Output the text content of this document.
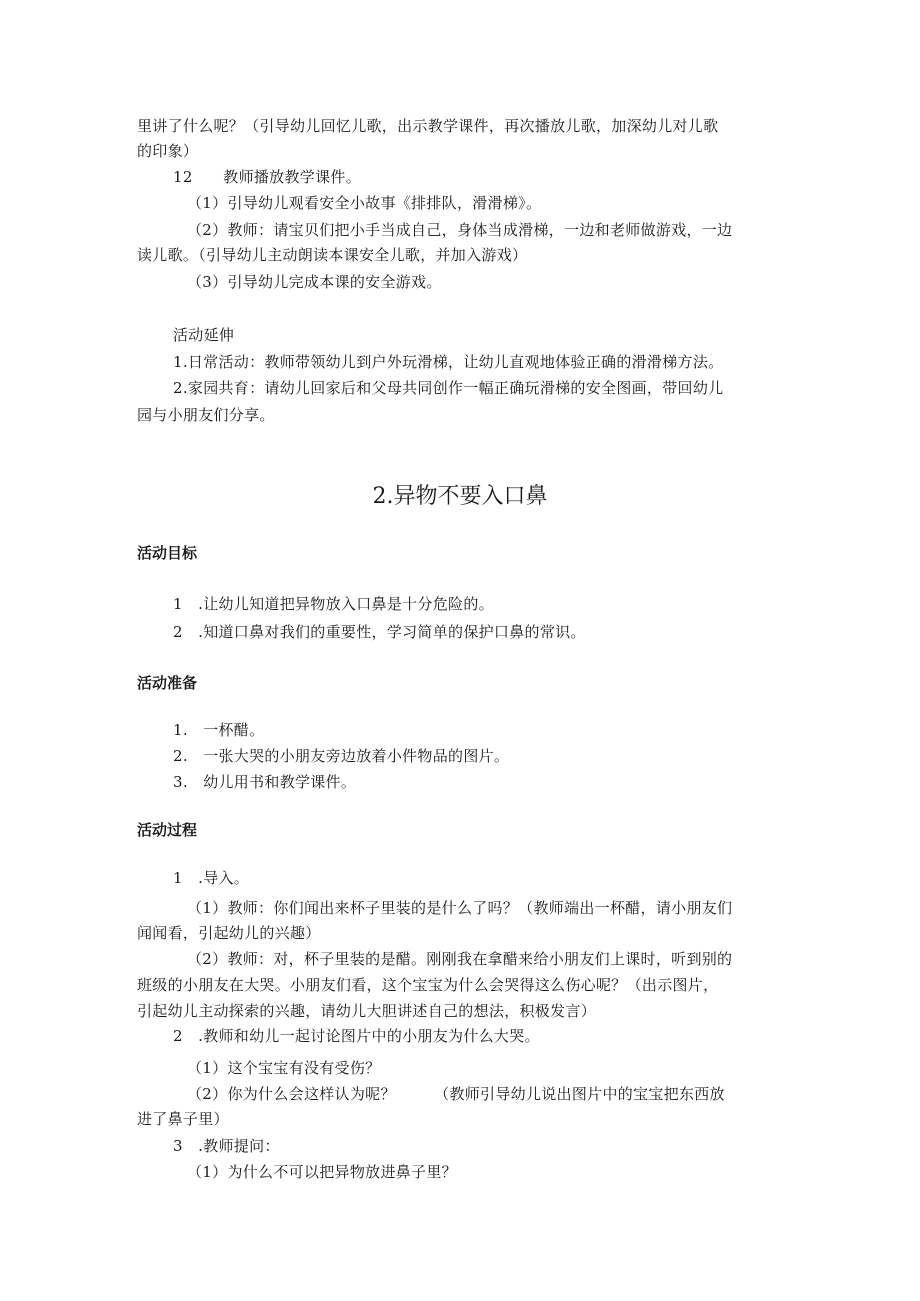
里讲了什么呢？（引导幼儿回忆儿歌，出示教学课件，再次播放儿歌，加深幼儿对儿歌
的印象）
12　　教师播放教学课件。
（1）引导幼儿观看安全小故事《排排队，滑滑梯》。
（2）教师：请宝贝们把小手当成自己，身体当成滑梯，一边和老师做游戏，一边
读儿歌。（引导幼儿主动朗读本课安全儿歌，并加入游戏）
（3）引导幼儿完成本课的安全游戏。
活动延伸
1.日常活动：教师带领幼儿到户外玩滑梯，让幼儿直观地体验正确的滑滑梯方法。
2.家园共育：请幼儿回家后和父母共同创作一幅正确玩滑梯的安全图画，带回幼儿
园与小朋友们分享。
2.异物不要入口鼻
活动目标
1　.让幼儿知道把异物放入口鼻是十分危险的。
2　.知道口鼻对我们的重要性，学习简单的保护口鼻的常识。
活动准备
1.　一杯醋。
2.　一张大哭的小朋友旁边放着小件物品的图片。
3.　幼儿用书和教学课件。
活动过程
1　.导入。
（1）教师：你们闻出来杯子里装的是什么了吗？（教师端出一杯醋，请小朋友们
闻闻看，引起幼儿的兴趣）
（2）教师：对，杯子里装的是醋。刚刚我在拿醋来给小朋友们上课时，听到别的
班级的小朋友在大哭。小朋友们看，这个宝宝为什么会哭得这么伤心呢？（出示图片，
引起幼儿主动探索的兴趣，请幼儿大胆讲述自己的想法，积极发言）
2　.教师和幼儿一起讨论图片中的小朋友为什么大哭。
（1）这个宝宝有没有受伤？
（2）你为什么会这样认为呢？　　　（教师引导幼儿说出图片中的宝宝把东西放
进了鼻子里）
3　.教师提问：
（1）为什么不可以把异物放进鼻子里？
